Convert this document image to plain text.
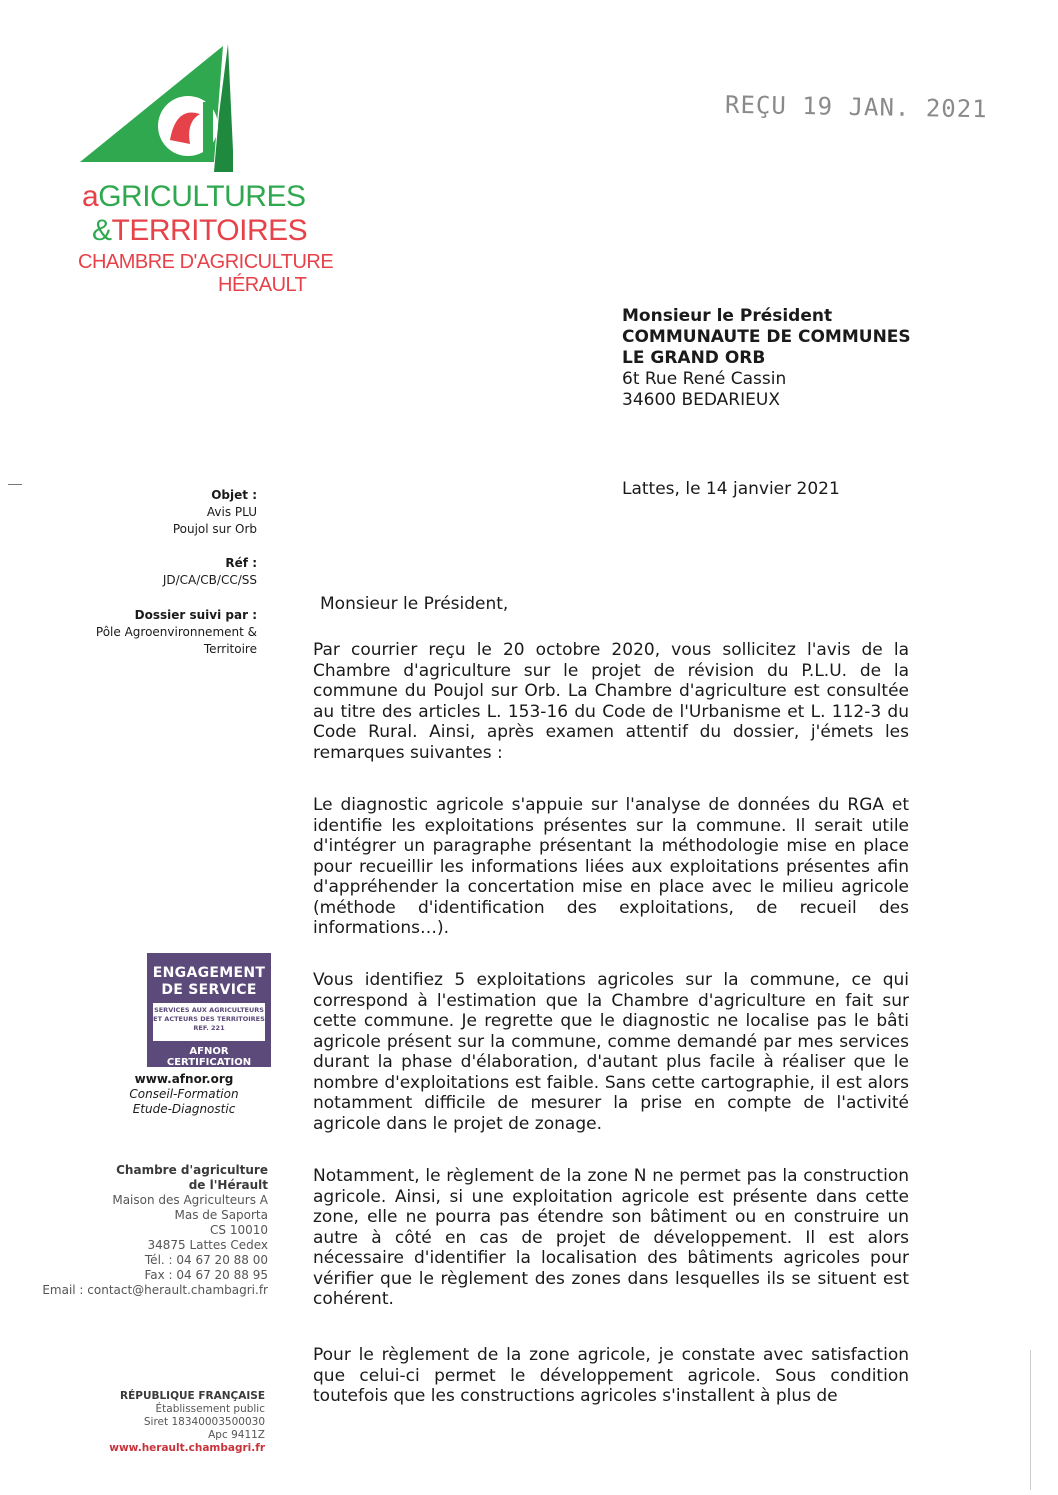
aGRICULTURES
&TERRITOIRES
CHAMBRE D'AGRICULTURE
HÉRAULT
REÇU 19 JAN. 2021
Monsieur le Président
COMMUNAUTE DE COMMUNES
LE GRAND ORB
6t Rue René Cassin
34600 BEDARIEUX
Lattes, le 14 janvier 2021
Objet :
Avis PLU
Poujol sur Orb
Réf :
JD/CA/CB/CC/SS
Dossier suivi par :
Pôle Agroenvironnement &
Territoire
ENGAGEMENT
DE SERVICE
SERVICES AUX AGRICULTEURS
ET ACTEURS DES TERRITOIRES
REF. 221
AFNOR CERTIFICATION
www.afnor.org
Conseil-Formation
Etude-Diagnostic
Chambre d'agriculture
de l'Hérault
Maison des Agriculteurs A
Mas de Saporta
CS 10010
34875 Lattes Cedex
Tél. : 04 67 20 88 00
Fax : 04 67 20 88 95
Email : contact@herault.chambagri.fr
RÉPUBLIQUE FRANÇAISE
Établissement public
Siret 18340003500030
Apc 9411Z
www.herault.chambagri.fr
Monsieur le Président,
Par courrier reçu le 20 octobre 2020, vous sollicitez l'avis de la Chambre d'agriculture sur le projet de révision du P.L.U. de la commune du Poujol sur Orb. La Chambre d'agriculture est consultée au titre des articles L. 153-16 du Code de l'Urbanisme et L. 112-3 du Code Rural. Ainsi, après examen attentif du dossier, j'émets les remarques suivantes :
Le diagnostic agricole s'appuie sur l'analyse de données du RGA et identifie les exploitations présentes sur la commune. Il serait utile d'intégrer un paragraphe présentant la méthodologie mise en place pour recueillir les informations liées aux exploitations présentes afin d'appréhender la concertation mise en place avec le milieu agricole (méthode d'identification des exploitations, de recueil des informations…).
Vous identifiez 5 exploitations agricoles sur la commune, ce qui correspond à l'estimation que la Chambre d'agriculture en fait sur cette commune. Je regrette que le diagnostic ne localise pas le bâti agricole présent sur la commune, comme demandé par mes services durant la phase d'élaboration, d'autant plus facile à réaliser que le nombre d'exploitations est faible. Sans cette cartographie, il est alors notamment difficile de mesurer la prise en compte de l'activité agricole dans le projet de zonage.
Notamment, le règlement de la zone N ne permet pas la construction agricole. Ainsi, si une exploitation agricole est présente dans cette zone, elle ne pourra pas étendre son bâtiment ou en construire un autre à côté en cas de projet de développement. Il est alors nécessaire d'identifier la localisation des bâtiments agricoles pour vérifier que le règlement des zones dans lesquelles ils se situent est cohérent.
Pour le règlement de la zone agricole, je constate avec satisfaction que celui-ci permet le développement agricole. Sous condition toutefois que les constructions agricoles s'installent à plus de
